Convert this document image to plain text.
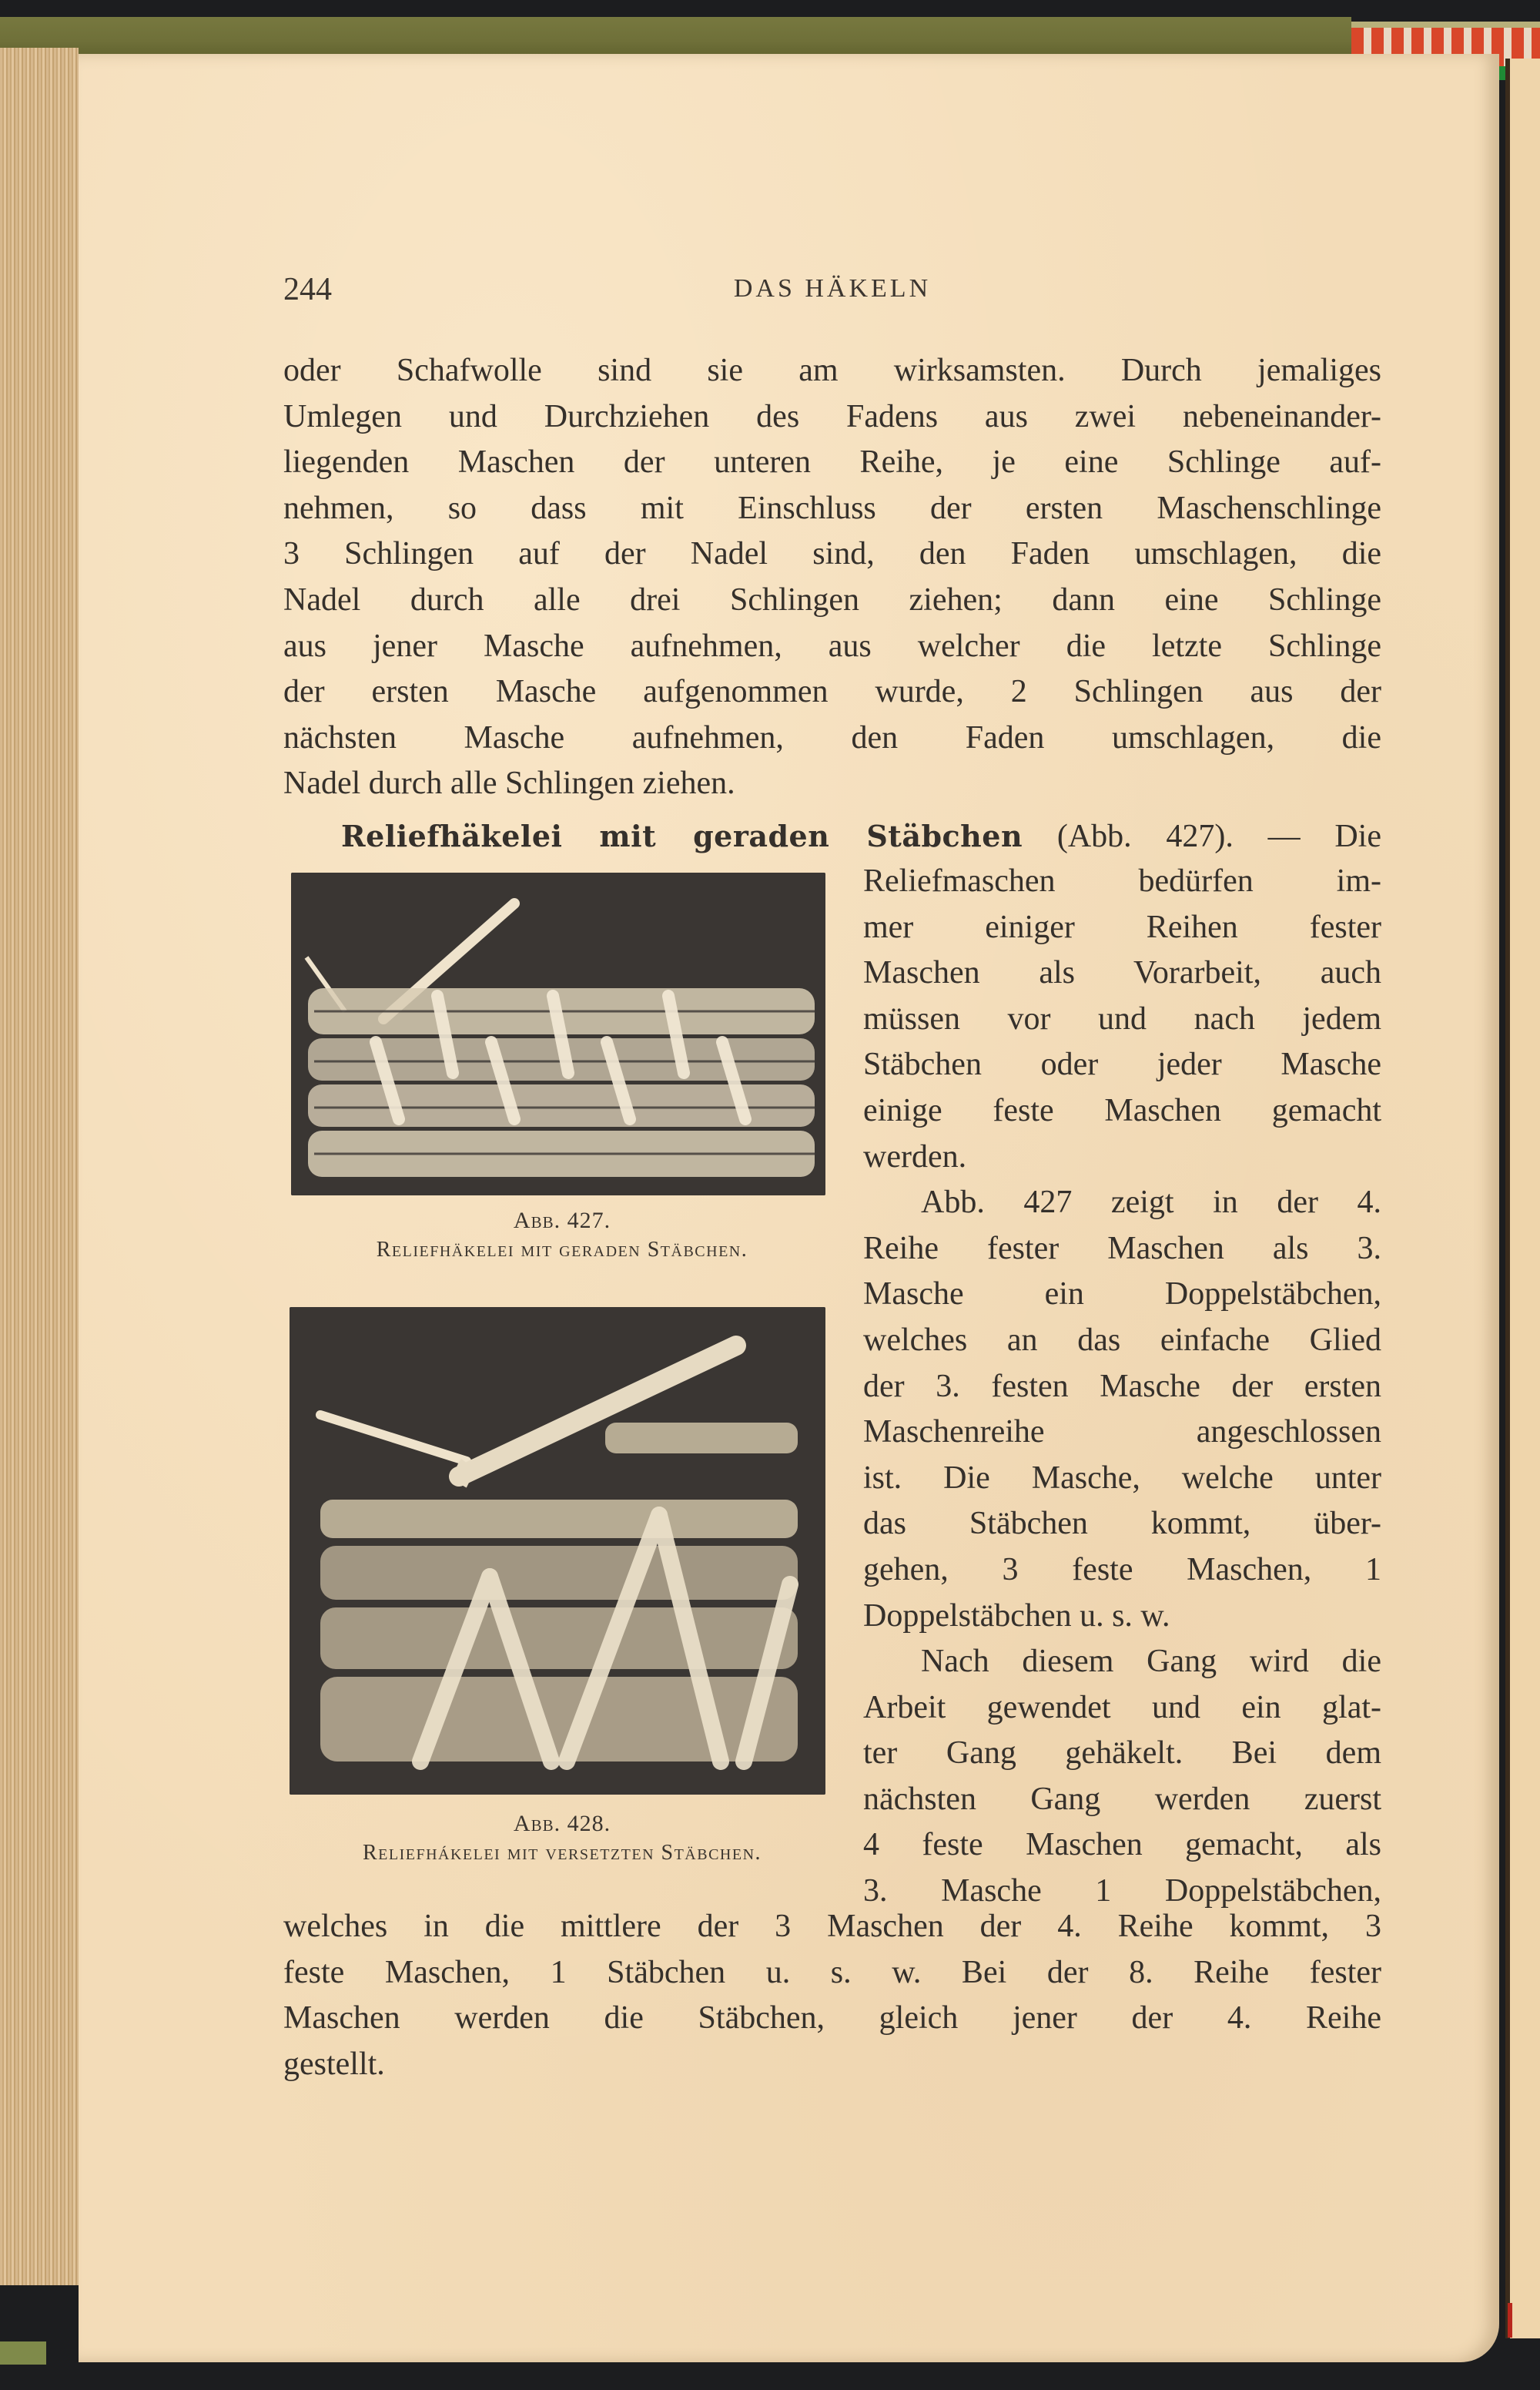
244	DAS HÄKELN
oder Schafwolle sind sie am wirksamsten. Durch jemaliges
Umlegen und Durchziehen des Fadens aus zwei nebeneinander-
liegenden Maschen der unteren Reihe, je eine Schlinge auf-
nehmen, so dass mit Einschluss der ersten Maschenschlinge
3 Schlingen auf der Nadel sind, den Faden umschlagen, die
Nadel durch alle drei Schlingen ziehen; dann eine Schlinge
aus jener Masche aufnehmen, aus welcher die letzte Schlinge
der ersten Masche aufgenommen wurde, 2 Schlingen aus der
nächsten Masche aufnehmen, den Faden umschlagen, die
Nadel durch alle Schlingen ziehen.
Reliefhäkelei mit geraden Stäbchen (Abb. 427). — Die
Abb. 427.
Reliefhäkelei mit geraden Stäbchen.
Abb. 428.
Reliefhákelei mit versetzten Stäbchen.
Reliefmaschen bedürfen im-
mer einiger Reihen fester
Maschen als Vorarbeit, auch
müssen vor und nach jedem
Stäbchen oder jeder Masche
einige feste Maschen gemacht
werden.
Abb. 427 zeigt in der 4.
Reihe fester Maschen als 3.
Masche ein Doppelstäbchen,
welches an das einfache Glied
der 3. festen Masche der ersten
Maschenreihe angeschlossen
ist. Die Masche, welche unter
das Stäbchen kommt, über-
gehen, 3 feste Maschen, 1
Doppelstäbchen u. s. w.
Nach diesem Gang wird die
Arbeit gewendet und ein glat-
ter Gang gehäkelt. Bei dem
nächsten Gang werden zuerst
4 feste Maschen gemacht, als
3. Masche 1 Doppelstäbchen,
welches in die mittlere der 3 Maschen der 4. Reihe kommt, 3
feste Maschen, 1 Stäbchen u. s. w. Bei der 8. Reihe fester
Maschen werden die Stäbchen, gleich jener der 4. Reihe
gestellt.
